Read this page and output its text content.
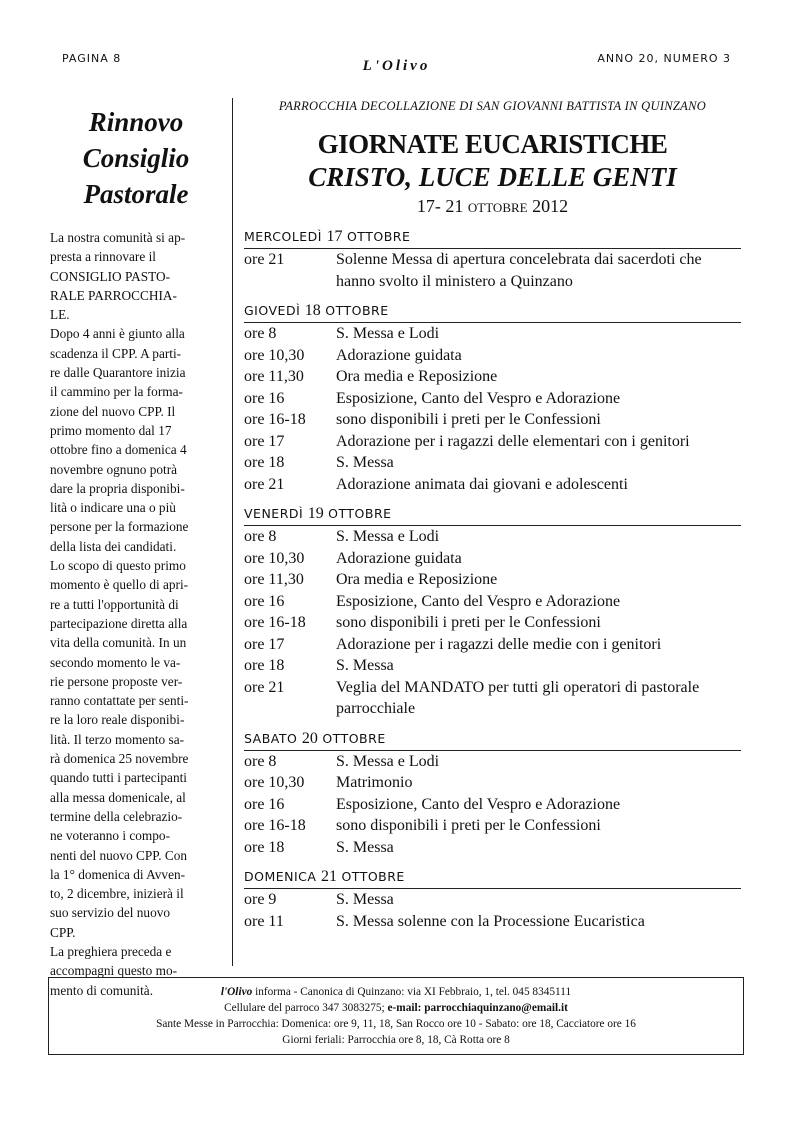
PAGINA 8	L'Olivo	ANNO 20, NUMERO 3
Rinnovo
Consiglio
Pastorale

La nostra comunità si ap-
presta a rinnovare il
CONSIGLIO PASTO-
RALE PARROCCHIA-
LE.
Dopo 4 anni è giunto alla
scadenza il CPP. A parti-
re dalle Quarantore inizia
il cammino per la forma-
zione del nuovo CPP. Il
primo momento dal 17
ottobre fino a domenica 4
novembre ognuno potrà
dare la propria disponibi-
lità o indicare una o più
persone per la formazione
della lista dei candidati.
Lo scopo di questo primo
momento è quello di apri-
re a tutti l'opportunità di
partecipazione diretta alla
vita della comunità. In un
secondo momento le va-
rie persone proposte ver-
ranno contattate per senti-
re la loro reale disponibi-
lità. Il terzo momento sa-
rà domenica 25 novembre
quando tutti i partecipanti
alla messa domenicale, al
termine della celebrazio-
ne voteranno i compo-
nenti del nuovo CPP. Con
la 1° domenica di Avven-
to, 2 dicembre, inizierà il
suo servizio del nuovo
CPP.
La preghiera preceda e
accompagni questo mo-
mento di comunità.

PARROCCHIA DECOLLAZIONE DI SAN GIOVANNI BATTISTA IN QUINZANO

GIORNATE EUCARISTICHE
CRISTO, LUCE DELLE GENTI

17- 21 ottobre 2012

MERCOLEDÌ 17 OTTOBRE
ore 21	Solenne Messa di apertura concelebrata dai sacerdoti che hanno svolto il ministero a Quinzano
GIOVEDÌ 18 OTTOBRE
ore 8	S. Messa e Lodi
ore 10,30	Adorazione guidata
ore 11,30	Ora media e Reposizione
ore 16	Esposizione, Canto del Vespro e Adorazione
ore 16-18	sono disponibili i preti per le Confessioni
ore 17	Adorazione per i ragazzi delle elementari con i genitori
ore 18	S. Messa
ore 21	Adorazione animata dai giovani e adolescenti
VENERDÌ 19 OTTOBRE
ore 8	S. Messa e Lodi
ore 10,30	Adorazione guidata
ore 11,30	Ora media e Reposizione
ore 16	Esposizione, Canto del Vespro e Adorazione
ore 16-18	sono disponibili i preti per le Confessioni
ore 17	Adorazione per i ragazzi delle medie con i genitori
ore 18	S. Messa
ore 21	Veglia del MANDATO per tutti gli operatori di pastorale parrocchiale
SABATO 20 OTTOBRE
ore 8	S. Messa e Lodi
ore 10,30	Matrimonio
ore 16	Esposizione, Canto del Vespro e Adorazione
ore 16-18	sono disponibili i preti per le Confessioni
ore 18	S. Messa
DOMENICA 21 OTTOBRE
ore 9	S. Messa
ore 11	S. Messa solenne con la Processione Eucaristica
l'Olivo informa - Canonica di Quinzano: via XI Febbraio, 1, tel. 045 8345111
Cellulare del parroco 347 3083275; e-mail: parrocchiaquinzano@email.it
Sante Messe in Parrocchia: Domenica: ore 9, 11, 18, San Rocco ore 10 - Sabato: ore 18, Cacciatore ore 16
Giorni feriali: Parrocchia ore 8, 18, Cà Rotta ore 8
